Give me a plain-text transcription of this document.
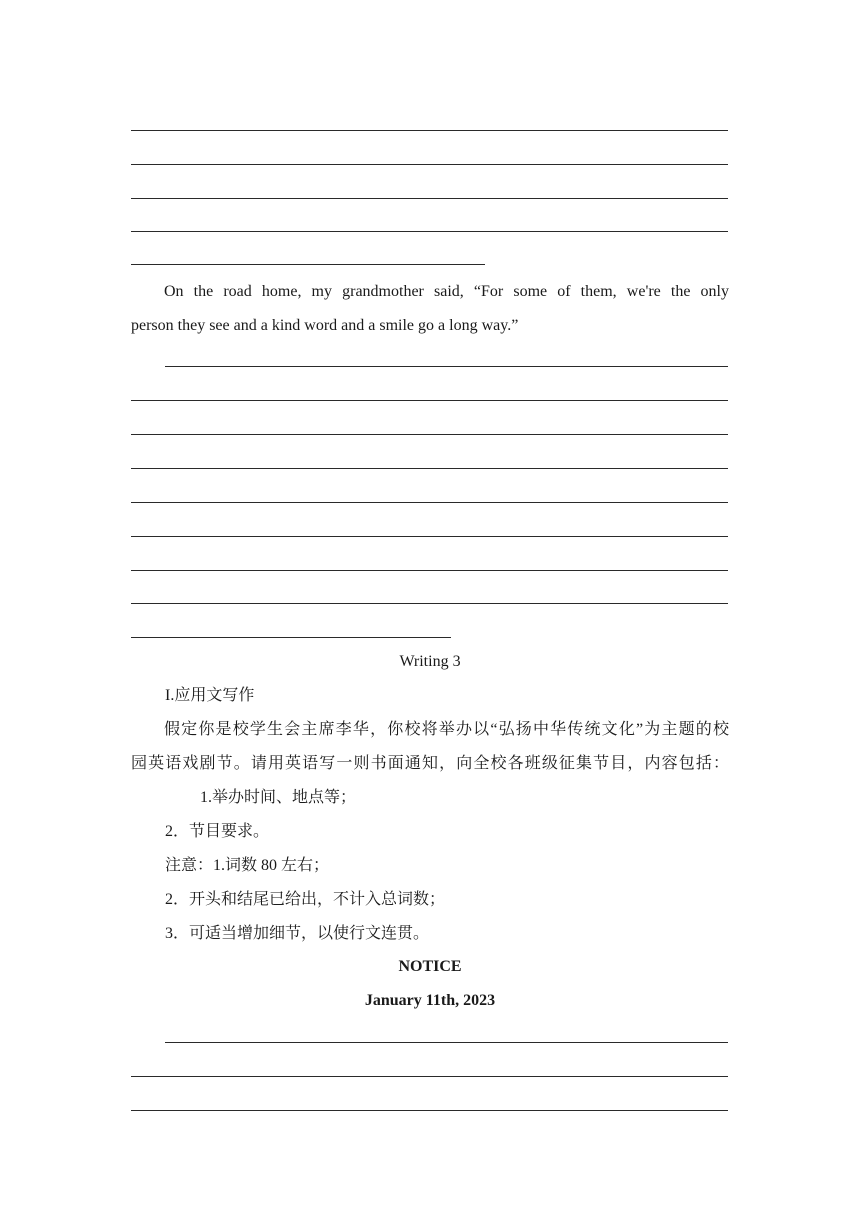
On the road home, my grandmother said, “For some of them, we're the only
person they see and a kind word and a smile go a long way.”
Writing 3
I.应用文写作
假定你是校学生会主席李华，你校将举办以“弘扬中华传统文化”为主题的校
园英语戏剧节。请用英语写一则书面通知，向全校各班级征集节目，内容包括：
1.举办时间、地点等；
2．节目要求。
注意：1.词数 80 左右；
2．开头和结尾已给出，不计入总词数；
3．可适当增加细节，以使行文连贯。
NOTICE
January 11th, 2023
